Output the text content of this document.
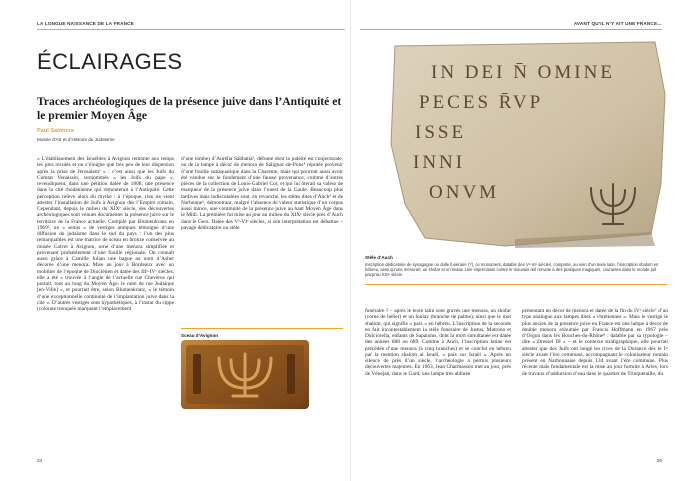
LA LONGUE NAISSANCE DE LA FRANCE	AVANT QU’IL N’Y AIT UNE FRANCE…
ÉCLAIRAGES
Traces archéologiques de la présence juive dans l’Antiquité et le premier Moyen Âge
Paul Salmona
Musée d’Art et d’Histoire du Judaïsme

« L’établissement des Israélites à Avignon remonte aux temps les plus reculés et on s’éloigne que très peu de leur dispersion après la prise de Jérusalem¹ » : c’est ainsi que les Juifs du Comtat Venaissin, surnommés « les Juifs du pape », revendiquent, dans une pétition datée de 1808, une présence dans la cité rhodanienne qui remonterait à l’Antiquité. Cette perception relève alors du mythe : à l’époque, rien ne vient attester l’installation de Juifs à Avignon dès l’Empire romain. Cependant, depuis le milieu du XIXᵉ siècle, des découvertes archéologiques sont venues documenter la présence juive sur le territoire de la France actuelle. Compilé par Blumenkranz en 1969², un « semis » de vestiges antiques témoigne d’une diffusion du judaïsme dans le sud du pays : l’un des plus remarquables est une matrice de sceau en bronze conservée au musée Calvet à Avignon, orné d’une menora simplifiée et provenant probablement d’une fouille régionale. On connaît aussi grâce à Camille Julian une bague au nom d’Asher décorée d’une menora. Mise au jour à Bordeaux avec un mobilier de l’époque de Dioclétien et datée des IIIᵉ-IVᵉ siècles, elle a été « trouvée à l’angle de l’actuelle rue Cheverus qui portait, tout au long du Moyen Âge, le nom de rue Judaïque [en-Ville] », et pourrait être, selon Blumenkranz, « le témoin d’une exceptionnelle continuité de l’implantation juive dans la cité ». D’autres vestiges sont hypothétiques, à l’instar du cippe (colonne tronquée marquant l’emplacement

d’une tombe) d’Aurélia Sabbatia³, défunte dont la judéité est conjecturale, ou de la lampe à décor de menora de Salignac-de-Pons⁴ réputée provenir d’une fouille subaquatique dans la Charente, mais qui pourrait aussi avoir été vendue sur le fondement d’une fausse provenance, comme d’autres pièces de la collection de Louis-Gabriel Cor, et qui lui ôterait sa valeur de marqueur de la présence juive dans l’ouest de la Gaule. Beaucoup plus tardives mais indiscutables sont, en revanche, les stèles dites d’Auch⁵ et de Narbonne⁶, démontrant, malgré l’absence de valeur statistique d’un corpus aussi mince, une continuité de la présence juive au haut Moyen Âge dans le Midi. La première fut mise au jour au milieu du XIXᵉ siècle près d’Auch dans le Gers. Datée des Vᵉ-VIᵉ siècles, si son interprétation est débattue – pavage dédicatoire ou stèle

Sceau d’Avignon
IN DEI N̄ OMINE
PECES R̄VP
ISSE
INNI
ONVM
Stèle d’Auch
Inscription dédicatoire de synagogue ou dalle funéraire (?), ce monument, datable des Vᵉ-VIᵉ siècles, comporte, au sein d’un texte latin, l’inscription shalom en hébreu, ainsi qu’une menorah, un shofar et un loulav. Une imprécation contre le mauvais œil renvoie à des pratiques magiques, courantes dans le monde juif jusqu’au XXIᵉ siècle.

funéraire ? – après le texte latin sont gravés une menora, un shofar (corne de bélier) et un loulav (branche de palme), ainsi que le mot shalom, qui signifie « paix » en hébreu. L’inscription de la seconde en fait incontestablement la stèle funéraire de Justus, Matrona et Dulciorella, enfants de Sapaudus, dont la mort simultanée est datée des années 688 ou 689. Comme à Auch, l’inscription latine est précédée d’une menora (à cinq branches) et se conclut en hébreu par la mention shalom al Israël, « paix sur Israël ». Après un silence de près d’un siècle, l’archéologie a permis plusieurs découvertes majeures. En 1963, Jean Charmasson met au jour, près de Vénéjan, dans le Gard, une lampe très abîmée

présentant un décor de menora et datée de la fin du IVᵉ siècle⁷ d’un type analogue aux lampes dites « chrétiennes ». Mais le vestige le plus ancien de la présence juive en France est une lampe à décor de double menora exhumée par Francis Hoffmann en 1967 près d’Orgon dans les Bouches-du-Rhône⁸ : datable par sa typologie – dite « Dressel III » – et le contexte stratigraphique, elle pourrait attester que des Juifs ont longé les rives de la Durance dès le Iᵉʳ siècle avant l’ère commune, accompagnant le colonisateur romain présent en Narbonnaise depuis 134 avant l’ère commune. Plus récente mais fondamentale est la mise au jour fortuite à Arles, lors de travaux d’adduction d’eau dans le quartier de Trinquetaille, du

24	25
